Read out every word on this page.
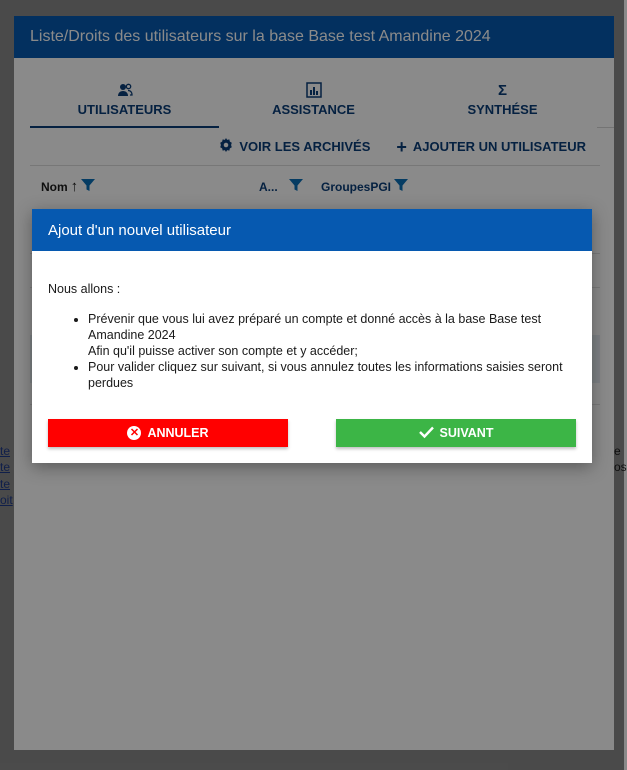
te
te
te
oit
e
os
Liste/Droits des utilisateurs sur la base Base test Amandine 2024
UTILISATEURS	ASSISTANCE
Σ
SYNTHÉSE
VOIR LES ARCHIVÉS + AJOUTER UN UTILISATEUR
Nom ↑	A...	GroupesPGI
Ajout d'un nouvel utilisateur

Nous allons :

• Prévenir que vous lui avez préparé un compte et donné accès à la base Base test
Amandine 2024
Afin qu'il puisse activer son compte et y accéder;
• Pour valider cliquez sur suivant, si vous annulez toutes les informations saisies seront perdues
✕ ANNULER	SUIVANT
